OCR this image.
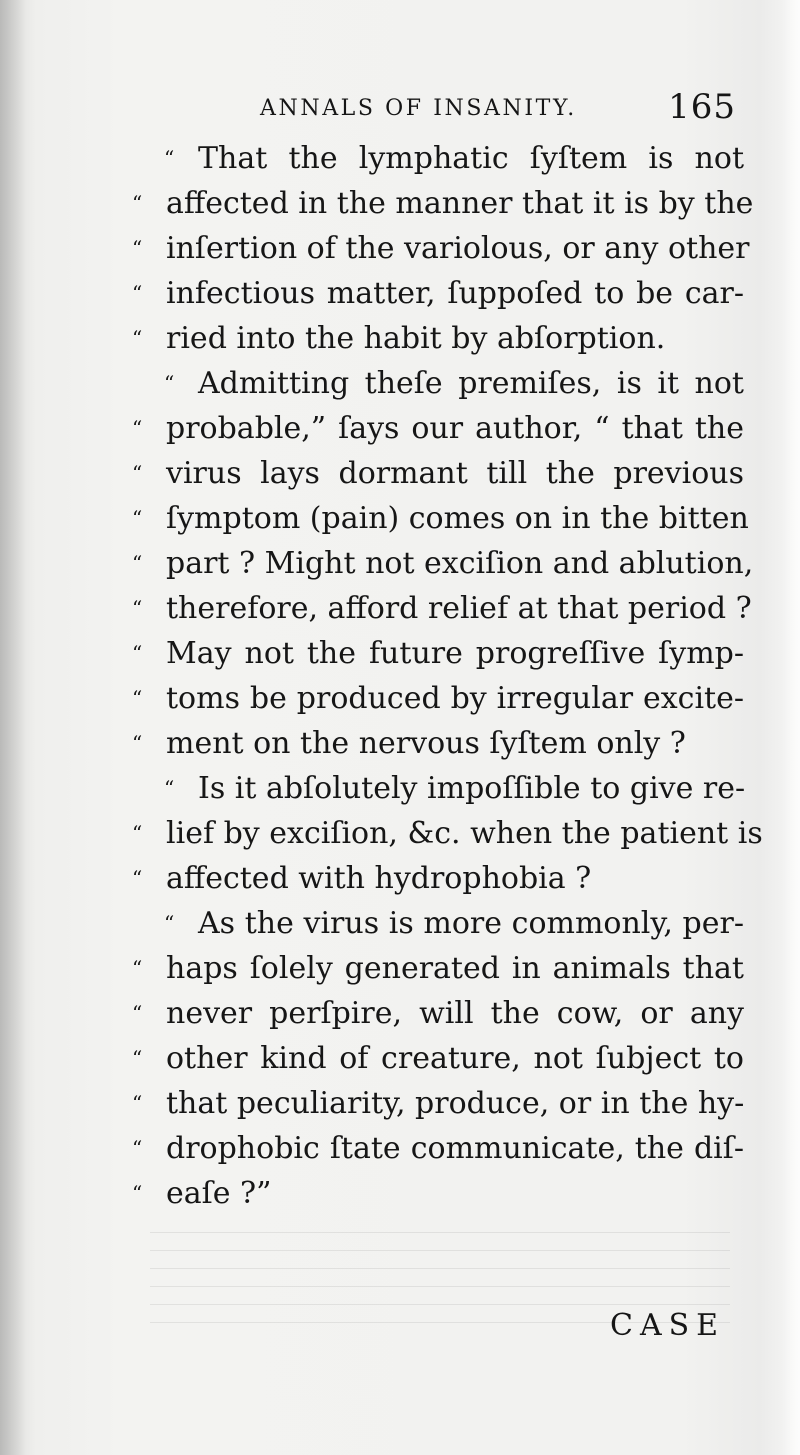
ANNALS OF INSANITY.	165
“ That the lymphatic ſyſtem is not
“ affected in the manner that it is by the
“ inſertion of the variolous, or any other
“ infectious matter, ſuppoſed to be car-
“ ried into the habit by abſorption.
“ Admitting theſe premiſes, is it not
“ probable,” ſays our author, “ that the
“ virus lays dormant till the previous
“ ſymptom (pain) comes on in the bitten
“ part ? Might not exciſion and ablution,
“ therefore, afford relief at that period ?
“ May not the future progreſſive ſymp-
“ toms be produced by irregular excite-
“ ment on the nervous ſyſtem only ?
“ Is it abſolutely impoſſible to give re-
“ lief by exciſion, &c. when the patient is
“ affected with hydrophobia ?
“ As the virus is more commonly, per-
“ haps ſolely generated in animals that
“ never perſpire, will the cow, or any
“ other kind of creature, not ſubject to
“ that peculiarity, produce, or in the hy-
“ drophobic ſtate communicate, the diſ-
“ eaſe ?”
CASE
